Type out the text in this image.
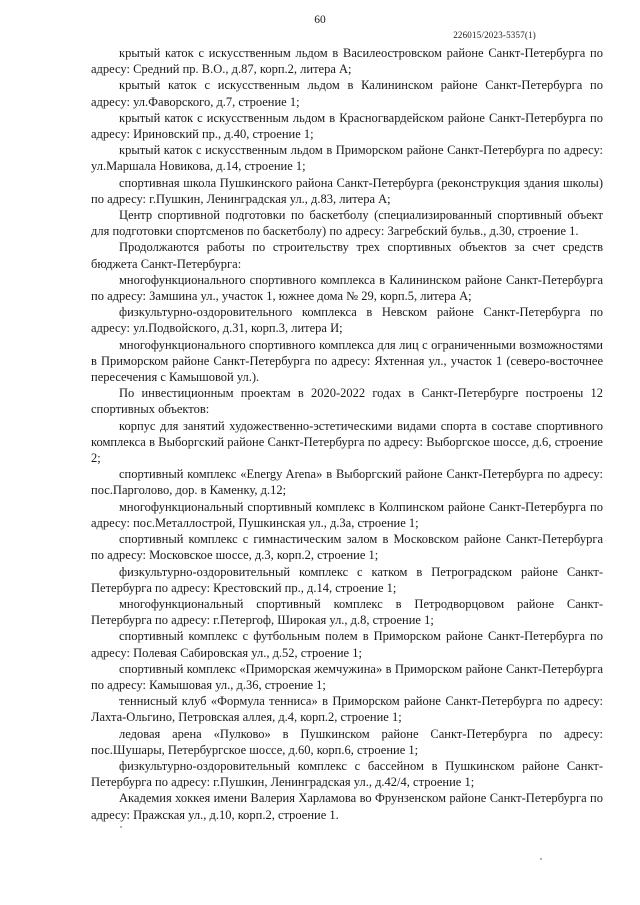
60
226015/2023-5357(1)

крытый каток с искусственным льдом в Василеостровском районе Санкт-Петербурга по адресу: Средний пр. В.О., д.87, корп.2, литера А;

крытый каток с искусственным льдом в Калининском районе Санкт-Петербурга по адресу: ул.Фаворского, д.7, строение 1;

крытый каток с искусственным льдом в Красногвардейском районе Санкт-Петербурга по адресу: Ириновский пр., д.40, строение 1;

крытый каток с искусственным льдом в Приморском районе Санкт-Петербурга по адресу: ул.Маршала Новикова, д.14, строение 1;

спортивная школа Пушкинского района Санкт-Петербурга (реконструкция здания школы) по адресу: г.Пушкин, Ленинградская ул., д.83, литера А;

Центр спортивной подготовки по баскетболу (специализированный спортивный объект для подготовки спортсменов по баскетболу) по адресу: Загребский бульв., д.30, строение 1.

Продолжаются работы по строительству трех спортивных объектов за счет средств бюджета Санкт-Петербурга:

многофункционального спортивного комплекса в Калининском районе Санкт-Петербурга по адресу: Замшина ул., участок 1, южнее дома № 29, корп.5, литера А;

физкультурно-оздоровительного комплекса в Невском районе Санкт-Петербурга по адресу: ул.Подвойского, д.31, корп.3, литера И;

многофункционального спортивного комплекса для лиц с ограниченными возможностями в Приморском районе Санкт-Петербурга по адресу: Яхтенная ул., участок 1 (северо-восточнее пересечения с Камышовой ул.).

По инвестиционным проектам в 2020-2022 годах в Санкт-Петербурге построены 12 спортивных объектов:

корпус для занятий художественно-эстетическими видами спорта в составе спортивного комплекса в Выборгский районе Санкт-Петербурга по адресу: Выборгское шоссе, д.6, строение 2;

спортивный комплекс «Energy Arena» в Выборгский районе Санкт-Петербурга по адресу: пос.Парголово, дор. в Каменку, д.12;

многофункциональный спортивный комплекс в Колпинском районе Санкт-Петербурга по адресу: пос.Металлострой, Пушкинская ул., д.3а, строение 1;

спортивный комплекс с гимнастическим залом в Московском районе Санкт-Петербурга по адресу: Московское шоссе, д.3, корп.2, строение 1;

физкультурно-оздоровительный комплекс с катком в Петроградском районе Санкт-Петербурга по адресу: Крестовский пр., д.14, строение 1;

многофункциональный спортивный комплекс в Петродворцовом районе Санкт-Петербурга по адресу: г.Петергоф, Широкая ул., д.8, строение 1;

спортивный комплекс с футбольным полем в Приморском районе Санкт-Петербурга по адресу: Полевая Сабировская ул., д.52, строение 1;

спортивный комплекс «Приморская жемчужина» в Приморском районе Санкт-Петербурга по адресу: Камышовая ул., д.36, строение 1;

теннисный клуб «Формула тенниса» в Приморском районе Санкт-Петербурга по адресу: Лахта-Ольгино, Петровская аллея, д.4, корп.2, строение 1;

ледовая арена «Пулково» в Пушкинском районе Санкт-Петербурга по адресу: пос.Шушары, Петербургское шоссе, д.60, корп.6, строение 1;

физкультурно-оздоровительный комплекс с бассейном в Пушкинском районе Санкт-Петербурга по адресу: г.Пушкин, Ленинградская ул., д.42/4, строение 1;

Академия хоккея имени Валерия Харламова во Фрунзенском районе Санкт-Петербурга по адресу: Пражская ул., д.10, корп.2, строение 1.
